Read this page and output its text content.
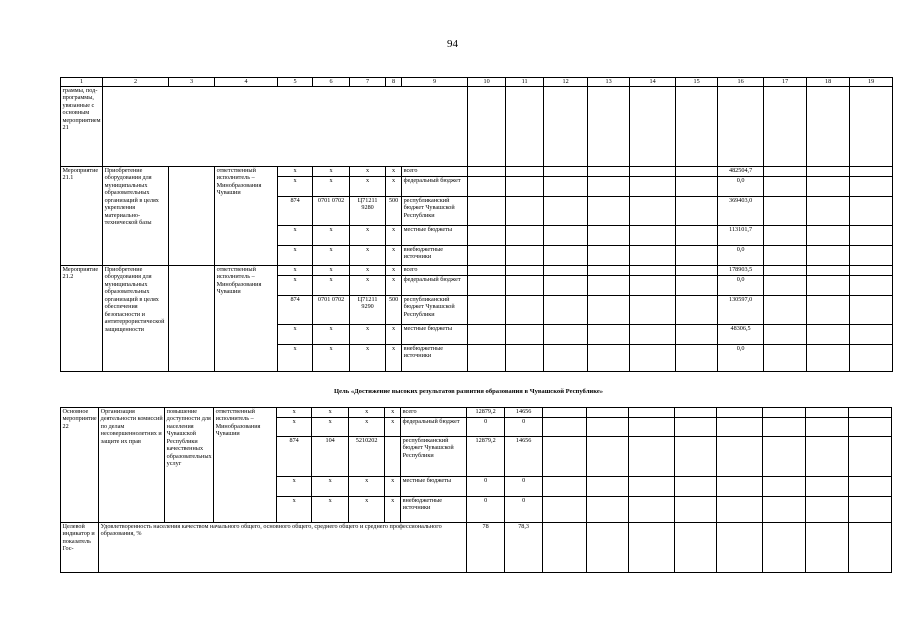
94
1	2	3	4	5	6	7	8	9	10	11	12	13	14	15	16	17	18	19
граммы, под-программы, увязанные с основным мероприятием 21																		
Мероприятие 21.1	Приобретение оборудования для муниципальных образовательных организаций в целях укрепления материально-технической базы		ответственный исполнитель – Минобразования Чувашии	x	x	x	x	всего							482504,7			
				x	x	x	x	федеральный бюджет							0,0			
				874	0701 0702	Ц71211 9280	500	республиканский бюджет Чувашской Республики							369403,0			
				x	x	x	x	местные бюджеты							113101,7			
				x	x	x	x	внебюджетные источники							0,0			
Мероприятие 21.2	Приобретение оборудования для муниципальных образовательных организаций в целях обеспечения безопасности и антитеррористической защищенности		ответственный исполнитель – Минобразования Чувашии	x	x	x	x	всего							178903,5			
				x	x	x	x	федеральный бюджет							0,0			
				874	0701 0702	Ц71211 9290	500	республиканский бюджет Чувашской Республики							130597,0			
				x	x	x	x	местные бюджеты							48306,5			
				x	x	x	x	внебюджетные источники							0,0			
Цель «Достижение высоких результатов развития образования в Чувашской Республике»
Основное мероприятие 22	Организация деятельности комиссий по делам несовершеннолетних и защите их прав	повышение доступности для населения Чувашской Республики качественных образовательных услуг	ответственный исполнитель – Минобразования Чувашии	x	x	x	x	всего	12879,2	14656								
				x	x	x	x	федеральный бюджет	0	0								
				874	104	5210202		республиканский бюджет Чувашской Республики	12879,2	14656								
				x	x	x	x	местные бюджеты	0	0								
				x	x	x	x	внебюджетные источники	0	0								
Целевой индикатор и показатель Гос-	Удовлетворенность населения качеством начального общего, основного общего, среднего общего и среднего профессионального образования, %								78	78,3								
